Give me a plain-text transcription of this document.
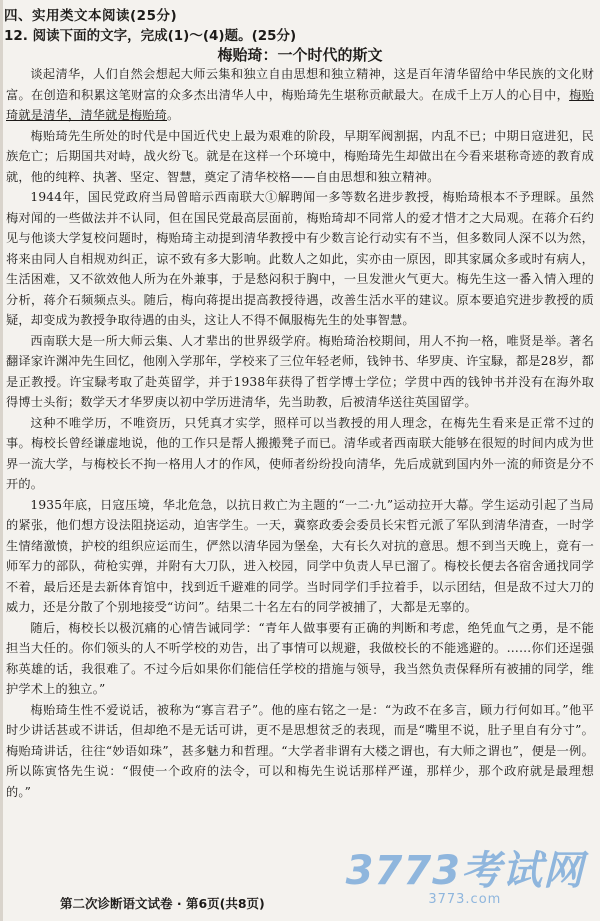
四、实用类文本阅读(25分)
12. 阅读下面的文字，完成(1)～(4)题。(25分)
梅贻琦：一个时代的斯文

谈起清华，人们自然会想起大师云集和独立自由思想和独立精神，这是百年清华留给中华民族的文化财富。在创造和积累这笔财富的众多杰出清华人中，梅贻琦先生堪称贡献最大。在成千上万人的心目中，梅贻琦就是清华，清华就是梅贻琦。

梅贻琦先生所处的时代是中国近代史上最为艰难的阶段，早期军阀割据，内乱不已；中期日寇进犯，民族危亡；后期国共对峙，战火纷飞。就是在这样一个环境中，梅贻琦先生却做出在今看来堪称奇迹的教育成就，他的纯粹、执著、坚定、智慧，奠定了清华校格——自由思想和独立精神。

1944年，国民党政府当局曾暗示西南联大①解聘闻一多等数名进步教授，梅贻琦根本不予理睬。虽然梅对闻的一些做法并不认同，但在国民党最高层面前，梅贻琦却不同常人的爱才惜才之大局观。在蒋介石约见与他谈大学复校问题时，梅贻琦主动提到清华教授中有少数言论行动实有不当，但多数同人深不以为然，将来由同人自相规劝纠正，谅不致有多大影响。此数人之如此，实亦由一原因，即其家属众多或时有病人，生活困难，又不欲效他人所为在外兼事，于是愁闷积于胸中，一旦发泄火气更大。梅先生这一番入情入理的分析，蒋介石频频点头。随后，梅向蒋提出提高教授待遇，改善生活水平的建议。原本要追究进步教授的质疑，却变成为教授争取待遇的由头，这让人不得不佩服梅先生的处事智慧。

西南联大是一所大师云集、人才辈出的世界级学府。梅贻琦治校期间，用人不拘一格，唯贤是举。著名翻译家许渊冲先生回忆，他刚入学那年，学校来了三位年轻老师，钱钟书、华罗庚、许宝騄，都是28岁，都是正教授。许宝騄考取了赴英留学，并于1938年获得了哲学博士学位；学贯中西的钱钟书并没有在海外取得博士头衔；数学天才华罗庚以初中学历进清华，先当助教，后被清华送往英国留学。

这种不唯学历，不唯资历，只凭真才实学，照样可以当教授的用人理念，在梅先生看来是正常不过的事。梅校长曾经谦虚地说，他的工作只是帮人搬搬凳子而已。清华或者西南联大能够在很短的时间内成为世界一流大学，与梅校长不拘一格用人才的作风，使师者纷纷投向清华，先后成就到国内外一流的师资是分不开的。

1935年底，日寇压境，华北危急，以抗日救亡为主题的“一二·九”运动拉开大幕。学生运动引起了当局的紧张，他们想方设法阻挠运动，迫害学生。一天，冀察政委会委员长宋哲元派了军队到清华清查，一时学生情绪激愤，护校的组织应运而生，俨然以清华园为堡垒，大有长久对抗的意思。想不到当天晚上，竟有一师军力的部队，荷枪实弹，并附有大刀队，进入校园，同学中负责人早已溜了。梅校长便去各宿舍通找同学不着，最后还是去新体育馆中，找到近千避难的同学。当时同学们手拉着手，以示团结，但是敌不过大刀的威力，还是分散了个别地接受“访问”。结果二十名左右的同学被捕了，大都是无辜的。

随后，梅校长以极沉痛的心情告诫同学：“青年人做事要有正确的判断和考虑，绝凭血气之勇，是不能担当大任的。你们领头的人不听学校的劝告，出了事情可以规避，我做校长的不能逃避的。……你们还逞强称英雄的话，我很难了。不过今后如果你们能信任学校的措施与领导，我当然负责保释所有被捕的同学，维护学术上的独立。”

梅贻琦生性不爱说话，被称为“寡言君子”。他的座右铭之一是：“为政不在多言，顾力行何如耳。”他平时少讲话甚或不讲话，但却绝不是无话可讲，更不是思想贫乏的表现，而是“嘴里不说，肚子里自有分寸”。梅贻琦讲话，往往“妙语如珠”，甚多魅力和哲理。“大学者非谓有大楼之谓也，有大师之谓也”，便是一例。所以陈寅恪先生说：“假使一个政府的法令，可以和梅先生说话那样严谨，那样少，那个政府就是最理想的。”

第二次诊断语文试卷 · 第6页(共8页)
3773考试网
3773.com
